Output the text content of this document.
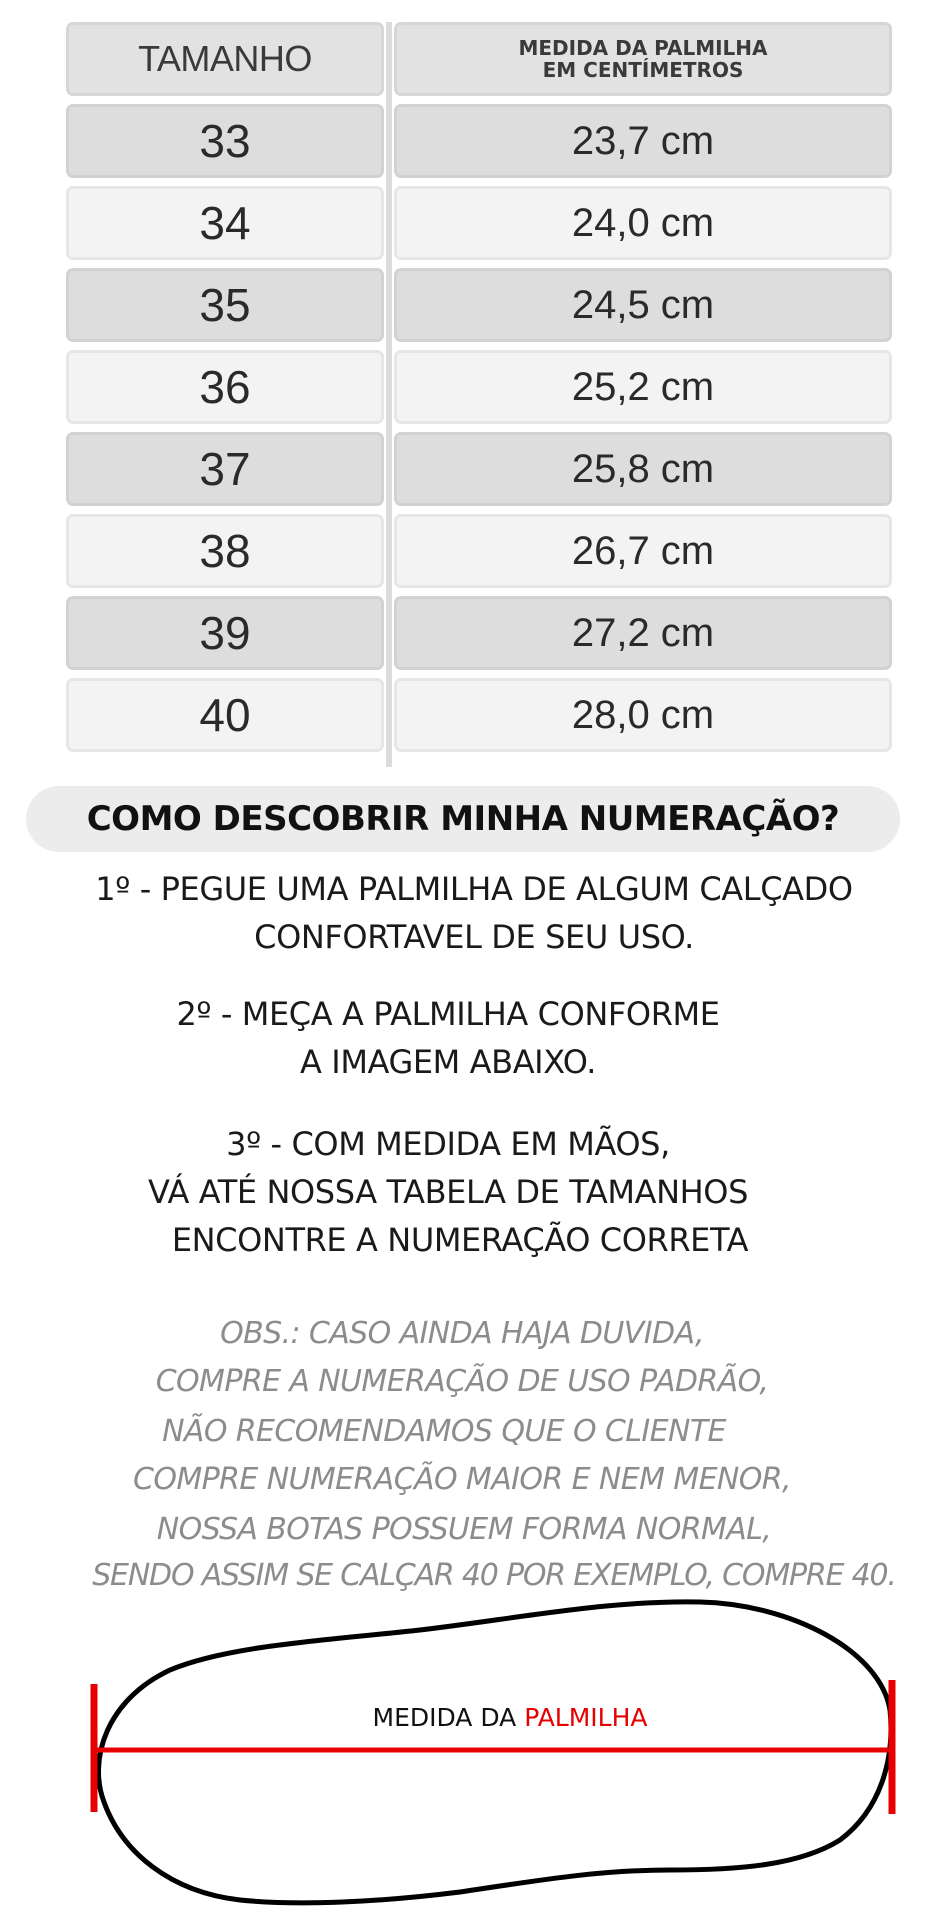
TAMANHO	MEDIDA DA PALMILHA
EM CENTÍMETROS
33	23,7 cm
34	24,0 cm
35	24,5 cm
36	25,2 cm
37	25,8 cm
38	26,7 cm
39	27,2 cm
40	28,0 cm
COMO DESCOBRIR MINHA NUMERAÇÃO?
1º - PEGUE UMA PALMILHA DE ALGUM CALÇADO
CONFORTAVEL DE SEU USO.
2º - MEÇA A PALMILHA CONFORME
A IMAGEM ABAIXO.
3º - COM MEDIDA EM MÃOS,
VÁ ATÉ NOSSA TABELA DE TAMANHOS
ENCONTRE A NUMERAÇÃO CORRETA
OBS.: CASO AINDA HAJA DUVIDA,
COMPRE A NUMERAÇÃO DE USO PADRÃO,
NÃO RECOMENDAMOS QUE O CLIENTE
COMPRE NUMERAÇÃO MAIOR E NEM MENOR,
NOSSA BOTAS POSSUEM FORMA NORMAL,
SENDO ASSIM SE CALÇAR 40 POR EXEMPLO, COMPRE 40.
MEDIDA DA PALMILHA
